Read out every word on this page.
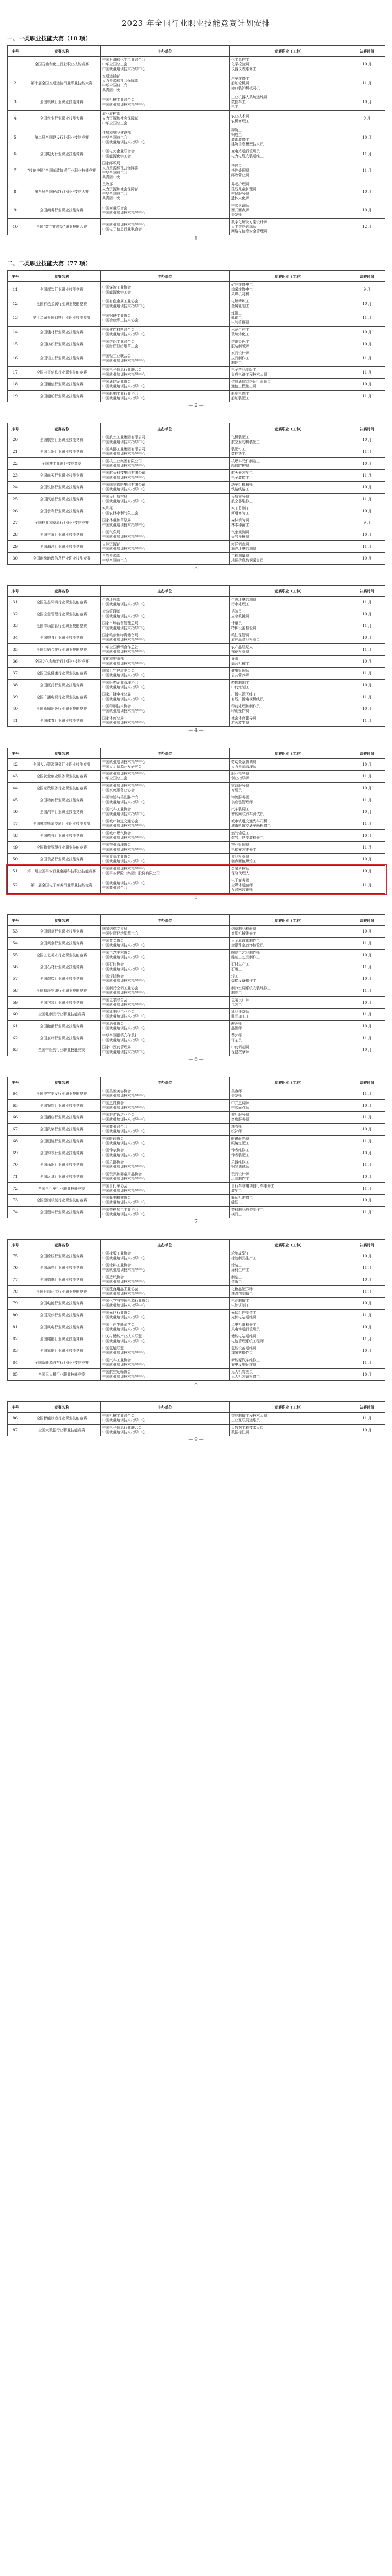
2023 年全国行业职业技能竞赛计划安排
一、一类职业技能大赛（10 项）
序号	竞赛名称	主办单位	竞赛职业（工种）	决赛时间
1	全国石油和化工行业职业技能竞赛	中国石油和化学工业联合会
中华全国总工会
中国就业培训技术指导中心	化工总控工
化学检验员
仪器仪表维修工	10 月
2	第十届全国交通运输行业职业技能大赛	交通运输部
人力资源和社会保障部
中华全国总工会
共青团中央	汽车维修工
船舶轮机员
港口装卸机械司机	11 月
3	全国机械行业职业技能竞赛	中国机械工业联合会
中国就业培训技术指导中心	工业机器人系统运维员
数控车工
电工	10 月
4	全国农业行业职业技能大赛	农业农村部
人力资源和社会保障部
中华全国总工会	农业技术员
农机修理工	9 月
5	第二届全国建设行业职业技能竞赛	住房和城乡建设部
中华全国总工会
中国就业培训技术指导中心	砌筑工
钢筋工
装饰装修工
建筑信息模型技术员	10 月
6	全国电力行业职业技能竞赛	中国电力企业联合会
中国能源化学工会	变电站运行值班员
电力电缆安装运维工	11 月
7	“技能中国”全国邮政快递行业职业技能竞赛	国家邮政局
人力资源和社会保障部
中华全国总工会
共青团中央	快递员
快件处理员
邮政营业员	11 月
8	第八届全国民政行业职业技能大赛	民政部
人力资源和社会保障部
中华全国总工会
共青团中央	养老护理员
孤残儿童护理员
殡仪服务员
遗体火化师	10 月
9	全国商务行业职业技能竞赛	中国商业联合会
中国就业培训技术指导中心	中式烹调师
西式面点师
美发师	10 月
10	全国“数字化转型”职业技能大赛	中国就业培训技术指导中心
中国电子信息行业联合会	数字化解决方案设计师
人工智能训练师
网络与信息安全管理员	12 月
— 1 —
二、二类职业技能大赛（77 项）
序号	竞赛名称	主办单位	竞赛职业（工种）	决赛时间
11	全国煤炭行业职业技能竞赛	中国煤炭工业协会
中国能源化学工会	矿井维修电工
综采维修电工
采煤机司机	9 月
12	全国有色金属行业职业技能竞赛	中国有色金属工业协会
中国就业培训技术指导中心	电解精炼工
金属轧制工	10 月
13	第十二届全国钢铁行业职业技能竞赛	中国钢铁工业协会
中国冶金职工技术协会	炼钢工
轧钢工
电气值班员	11 月
14	全国建材行业职业技能竞赛	中国建筑材料联合会
中国就业培训技术指导中心	水泥生产工
玻璃熔化工	10 月
15	全国纺织行业职业技能竞赛	中国纺织工业联合会
中国财贸轻纺烟草工会	纺织染色工
服装制版师	10 月
16	全国轻工行业职业技能竞赛	中国轻工业联合会
中国就业培训技术指导中心	家具设计师
皮具制作工
制鞋工	11 月
17	全国电子信息行业职业技能竞赛	中国电子信息行业联合会
中国就业培训技术指导中心	电子产品制版工
集成电路工程技术人员	11 月
18	全国通信行业职业技能竞赛	中国通信企业协会
中国就业培训技术指导中心	信息通信网络运行管理员
通信工程施工员	10 月
19	全国船舶行业职业技能竞赛	中国船舶工业行业协会
中国就业培训技术指导中心	船舶电焊工
船舶装配工	11 月
— 2 —
序号	竞赛名称	主办单位	竞赛职业（工种）	决赛时间
20	全国航空行业职业技能竞赛	中国航空工业集团有限公司
中国就业培训技术指导中心	飞机装配工
航空发动机装配工	10 月
21	全国兵器行业职业技能竞赛	中国兵器工业集团有限公司
中国就业培训技术指导中心	装配钳工
数控铣工	11 月
22	全国核工业职业技能竞赛	中国核工业集团有限公司
中国就业培训技术指导中心	核燃料元件制造工
辐射防护员	10 月
23	全国航天行业职业技能竞赛	中国航天科技集团有限公司
中国就业培训技术指导中心	航天器装配工
电子装接工	11 月
24	全国铁路行业职业技能竞赛	中国国家铁路集团有限公司
中国就业培训技术指导中心	动车组机械师
铁路线路工	10 月
25	全国民航行业职业技能竞赛	中国民用航空局
中国就业培训技术指导中心	民航乘务员
航空器维修工	11 月
26	全国水利行业职业技能竞赛	水利部
中国农林水利气象工会	水工监测工
河道修防工	10 月
27	全国林业和草原行业职业技能竞赛	国家林业和草原局
中国就业培训技术指导中心	森林消防员
林木种苗工	9 月
28	全国气象行业职业技能竞赛	中国气象局
中国就业培训技术指导中心	气象观测员
天气预报员	10 月
29	全国海洋行业职业技能竞赛	自然资源部
中国就业培训技术指导中心	海洋调查员
海洋环境监测员	11 月
30	全国测绘地理信息行业职业技能竞赛	自然资源部
中华全国总工会	工程测量员
地理信息数据采集员	10 月
— 3 —
序号	竞赛名称	主办单位	竞赛职业（工种）	决赛时间
31	全国生态环境行业职业技能竞赛	生态环境部
中国就业培训技术指导中心	生态环境监测员
污水处理工	11 月
32	全国应急管理行业职业技能竞赛	应急管理部
中国就业培训技术指导中心	消防员
应急救援员	10 月
33	全国市场监管行业职业技能竞赛	国家市场监督管理总局
中国就业培训技术指导中心	计量员
特种设备检验员	11 月
34	全国粮食行业职业技能竞赛	国家粮食和物资储备局
中国就业培训技术指导中心	粮油保管员
农产品食品检验员	10 月
35	全国供销合作行业职业技能竞赛	中华全国供销合作总社
中国就业培训技术指导中心	农产品经纪人
棉花检验员	11 月
36	全国文化和旅游行业职业技能竞赛	文化和旅游部
中国就业培训技术指导中心	导游
舞台机械工	10 月
37	全国卫生健康行业职业技能竞赛	国家卫生健康委员会
中国就业培训技术指导中心	健康管理师
公共营养师	11 月
38	全国医药行业职业技能竞赛	中国医药企业管理协会
中国就业培训技术指导中心	药物制剂工
中药炮制工	10 月
39	全国广播电视行业职业技能竞赛	国家广播电视总局
中国就业培训技术指导中心	广播电视天线工
有线广播电视机线员	11 月
40	全国新闻出版行业职业技能竞赛	中国印刷技术协会
中国就业培训技术指导中心	印前处理和制作员
印刷操作员	10 月
41	全国体育行业职业技能竞赛	国家体育总局
中国就业培训技术指导中心	社会体育指导员
游泳救生员	11 月
— 4 —
序号	竞赛名称	主办单位	竞赛职业（工种）	决赛时间
42	全国人力资源服务行业职业技能竞赛	中国就业培训技术指导中心
中国人力资源开发研究会	劳动关系协调员
人力资源管理师	10 月
43	全国就业创业服务职业技能竞赛	中国就业培训技术指导中心
中华全国总工会	职业指导员
创业指导师	11 月
44	全国家政服务行业职业技能竞赛	中国就业培训技术指导中心
中国家庭服务业协会	家政服务员
育婴员	10 月
45	全国物流行业职业技能竞赛	中国物流与采购联合会
中国就业培训技术指导中心	物流服务师
供应链管理师	11 月
46	全国汽车行业职业技能竞赛	中国汽车工业协会
中国就业培训技术指导中心	汽车装调工
智能网联汽车测试员	10 月
47	全国城市轨道交通行业职业技能竞赛	中国城市轨道交通协会
中国就业培训技术指导中心	城市轨道交通列车司机
城市轨道交通车辆检修工	11 月
48	全国燃气行业职业技能竞赛	中国城市燃气协会
中国就业培训技术指导中心	燃气输送工
燃气用户安装检修工	10 月
49	全国物业管理行业职业技能竞赛	中国物业管理协会
中国就业培训技术指导中心	物业管理员
电梯安装维修工	11 月
50	全国食品行业职业技能竞赛	中国食品工业协会
中国就业培训技术指导中心	食品检验员
糕点面包烘焙工	10 月
51	第二届全国平安行业金融科技职业技能竞赛	中国就业培训技术指导中心
中国平安保险（集团）股份有限公司	金融科技师
保险代理人	10 月
52	第二届全国电子商务行业职业技能竞赛	中国就业培训技术指导中心
中国商业联合会	电子商务师
全媒体运营师
互联网营销师	11 月
— 5 —
序号	竞赛名称	主办单位	竞赛职业（工种）	决赛时间
53	全国烟草行业职业技能竞赛	国家烟草专卖局
中国财贸轻纺烟草工会	烟草制品检验员
卷烟机械维修工	10 月
54	全国黄金行业职业技能竞赛	中国黄金协会
中国就业培训技术指导中心	贵金属首饰制作工
金银珠宝首饰检验员	11 月
55	全国工艺美术行业职业技能竞赛	中国工艺美术协会
中国就业培训技术指导中心	陶瓷工艺品制作师
雕刻工艺品制作工	10 月
56	全国石材行业职业技能竞赛	中国石材协会
中国就业培训技术指导中心	石材生产工
石雕工	11 月
57	全国焊接行业职业技能竞赛	中国焊接协会
中国就业培训技术指导中心	焊工
焊接设备操作工	10 月
58	全国制冷空调行业职业技能竞赛	中国制冷空调工业协会
中国就业培训技术指导中心	制冷空调系统安装维修工
制冷工	11 月
59	全国包装行业职业技能竞赛	中国包装联合会
中国就业培训技术指导中心	包装设计师
包装工	10 月
60	全国乳制品行业职业技能竞赛	中国乳制品工业协会
中国就业培训技术指导中心	乳品评鉴师
乳品加工工	11 月
61	全国酿酒行业职业技能竞赛	中国酒业协会
中国就业培训技术指导中心	酿酒师
品酒师	10 月
62	全国茶叶行业职业技能竞赛	中华全国供销合作总社
中国就业培训技术指导中心	茶艺师
评茶员	11 月
63	全国中医药行业职业技能竞赛	国家中医药管理局
中国就业培训技术指导中心	中药调剂员
保健按摩师	10 月
— 6 —
序号	竞赛名称	主办单位	竞赛职业（工种）	决赛时间
64	全国美容美发行业职业技能竞赛	中国美发美容协会
中国就业培训技术指导中心	美容师
美发师	11 月
65	全国餐饮行业职业技能竞赛	中国烹饪协会
中国就业培训技术指导中心	中式烹调师
中式面点师	10 月
66	全国酒店行业职业技能竞赛	中国旅游饭店业协会
中国就业培训技术指导中心	前厅服务员
客房服务员	11 月
67	全国洗染行业职业技能竞赛	中国商业联合会
中国就业培训技术指导中心	洗衣师
织补师	10 月
68	全国眼镜行业职业技能竞赛	中国眼镜协会
中国就业培训技术指导中心	眼镜验光员
眼镜定配工	11 月
69	全国钟表行业职业技能竞赛	中国钟表协会
中国就业培训技术指导中心	钟表维修工
钟表装配工	10 月
70	全国乐器行业职业技能竞赛	中国乐器协会
中国就业培训技术指导中心	乐器维修工
钢琴调律师	11 月
71	全国玩具行业职业技能竞赛	中国玩具和婴童用品协会
中国就业培训技术指导中心	玩具设计师
玩具制作工	10 月
72	全国自行车行业职业技能竞赛	中国自行车协会
中国就业培训技术指导中心	自行车与电动自行车维修工
装配工	11 月
73	全国缝制机械行业职业技能竞赛	中国缝制机械协会
中国就业培训技术指导中心	缝纫机维修工
缝纫工	10 月
74	全国塑料行业职业技能竞赛	中国塑料加工工业协会
中国就业培训技术指导中心	塑料制品成型制作工
模具工	11 月
— 7 —
序号	竞赛名称	主办单位	竞赛职业（工种）	决赛时间
75	全国橡胶行业职业技能竞赛	中国橡胶工业协会
中国就业培训技术指导中心	轮胎成型工
橡胶制品生产工	10 月
76	全国涂料行业职业技能竞赛	中国涂料工业协会
中国就业培训技术指导中心	涂装工
涂料生产工	11 月
77	全国造纸行业职业技能竞赛	中国造纸协会
中国就业培训技术指导中心	制浆工
造纸工	10 月
78	全国日用化工行业职业技能竞赛	中国洗涤用品工业协会
中国就业培训技术指导中心	化妆品配方师
洗涤剂制造工	11 月
79	全国电池行业职业技能竞赛	中国化学与物理电源行业协会
中国就业培训技术指导中心	电池制造工
电池试制工	10 月
80	全国光伏行业职业技能竞赛	中国光伏行业协会
中国就业培训技术指导中心	光伏组件制造工
光伏电站运维员	11 月
81	全国风电行业职业技能竞赛	中国可再生能源学会
中国就业培训技术指导中心	风电机组检修工
风电场运行值班员	10 月
82	全国储能行业职业技能竞赛	中关村储能产业技术联盟
中国就业培训技术指导中心	储能电站运维员
电池管理系统工程师	11 月
83	全国氢能行业职业技能竞赛	中国氢能联盟
中国就业培训技术指导中心	氢能设备运维员
加氢站操作员	10 月
84	全国新能源汽车行业职业技能竞赛	中国汽车工业协会
中国就业培训技术指导中心	新能源汽车维修工
充电设施运维员	11 月
85	全国无人机行业职业技能竞赛	中国航空运输协会
中国就业培训技术指导中心	无人机驾驶员
无人机装调检修工	10 月
— 8 —
序号	竞赛名称	主办单位	竞赛职业（工种）	决赛时间
86	全国智能制造行业职业技能竞赛	中国机械工业联合会
中国就业培训技术指导中心	智能制造工程技术人员
工业互联网运维员	11 月
87	全国大数据行业职业技能竞赛	中国电子信息行业联合会
中国就业培训技术指导中心	大数据工程技术人员
数据标注员	10 月
— 9 —
